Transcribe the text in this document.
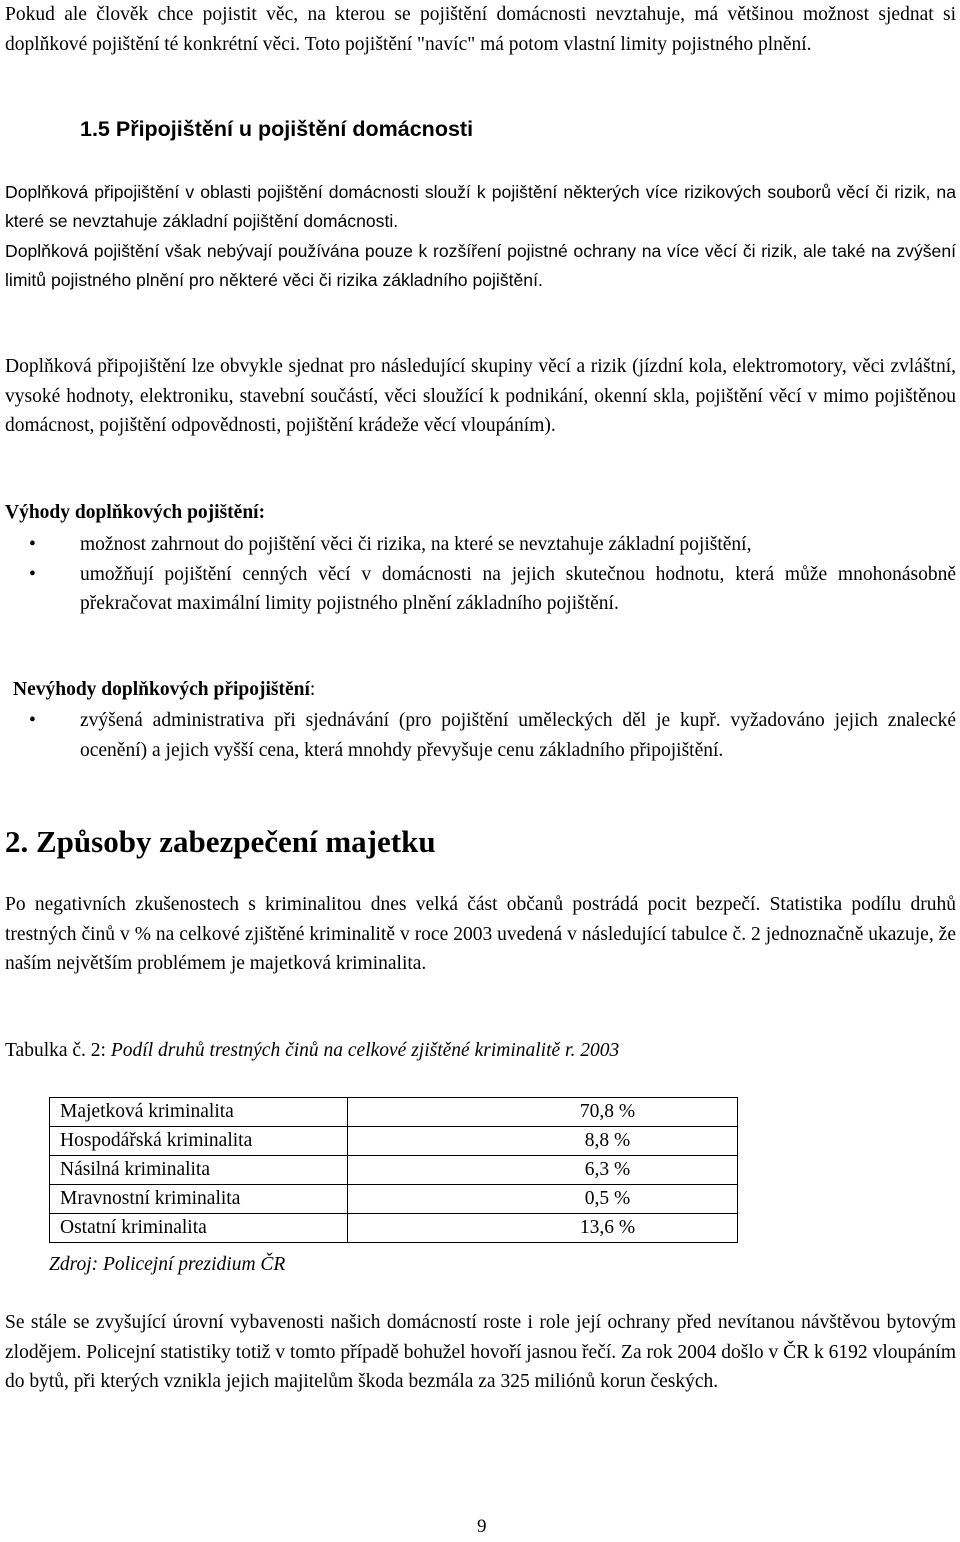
Pokud ale člověk chce pojistit věc, na kterou se pojištění domácnosti nevztahuje, má většinou možnost sjednat si doplňkové pojištění té konkrétní věci. Toto pojištění "navíc" má potom vlastní limity pojistného plnění.

1.5 Připojištění u pojištění domácnosti

Doplňková připojištění v oblasti pojištění domácnosti slouží k pojištění některých více rizikových souborů věcí či rizik, na které se nevztahuje základní pojištění domácnosti.

Doplňková pojištění však nebývají používána pouze k rozšíření pojistné ochrany na více věcí či rizik, ale také na zvýšení limitů pojistného plnění pro některé věci či rizika základního pojištění.

Doplňková připojištění lze obvykle sjednat pro následující skupiny věcí a rizik (jízdní kola, elektromotory, věci zvláštní, vysoké hodnoty, elektroniku, stavební součástí, věci sloužící k podnikání, okenní skla, pojištění věcí v mimo pojištěnou domácnost, pojištění odpovědnosti, pojištění krádeže věcí vloupáním).

Výhody doplňkových pojištění:

• možnost zahrnout do pojištění věci či rizika, na které se nevztahuje základní pojištění,
• umožňují pojištění cenných věcí v domácnosti na jejich skutečnou hodnotu, která může mnohonásobně překračovat maximální limity pojistného plnění základního pojištění.

Nevýhody doplňkových připojištění:

• zvýšená administrativa při sjednávání (pro pojištění uměleckých děl je kupř. vyžadováno jejich znalecké ocenění) a jejich vyšší cena, která mnohdy převyšuje cenu základního připojištění.
2. Způsoby zabezpečení majetku

Po negativních zkušenostech s kriminalitou dnes velká část občanů postrádá pocit bezpečí. Statistika podílu druhů trestných činů v % na celkové zjištěné kriminalitě v roce 2003 uvedená v následující tabulce č. 2 jednoznačně ukazuje, že naším největším problémem je majetková kriminalita.

Tabulka č. 2: Podíl druhů trestných činů na celkové zjištěné kriminalitě r. 2003

Majetková kriminalita	70,8 %
Hospodářská kriminalita	8,8 %
Násilná kriminalita	6,3 %
Mravnostní kriminalita	0,5 %
Ostatní kriminalita	13,6 %

Zdroj: Policejní prezidium ČR

Se stále se zvyšující úrovní vybavenosti našich domácností roste i role její ochrany před nevítanou návštěvou bytovým zlodějem. Policejní statistiky totiž v tomto případě bohužel hovoří jasnou řečí. Za rok 2004 došlo v ČR k 6192 vloupáním do bytů, při kterých vznikla jejich majitelům škoda bezmála za 325 miliónů korun českých.

9
